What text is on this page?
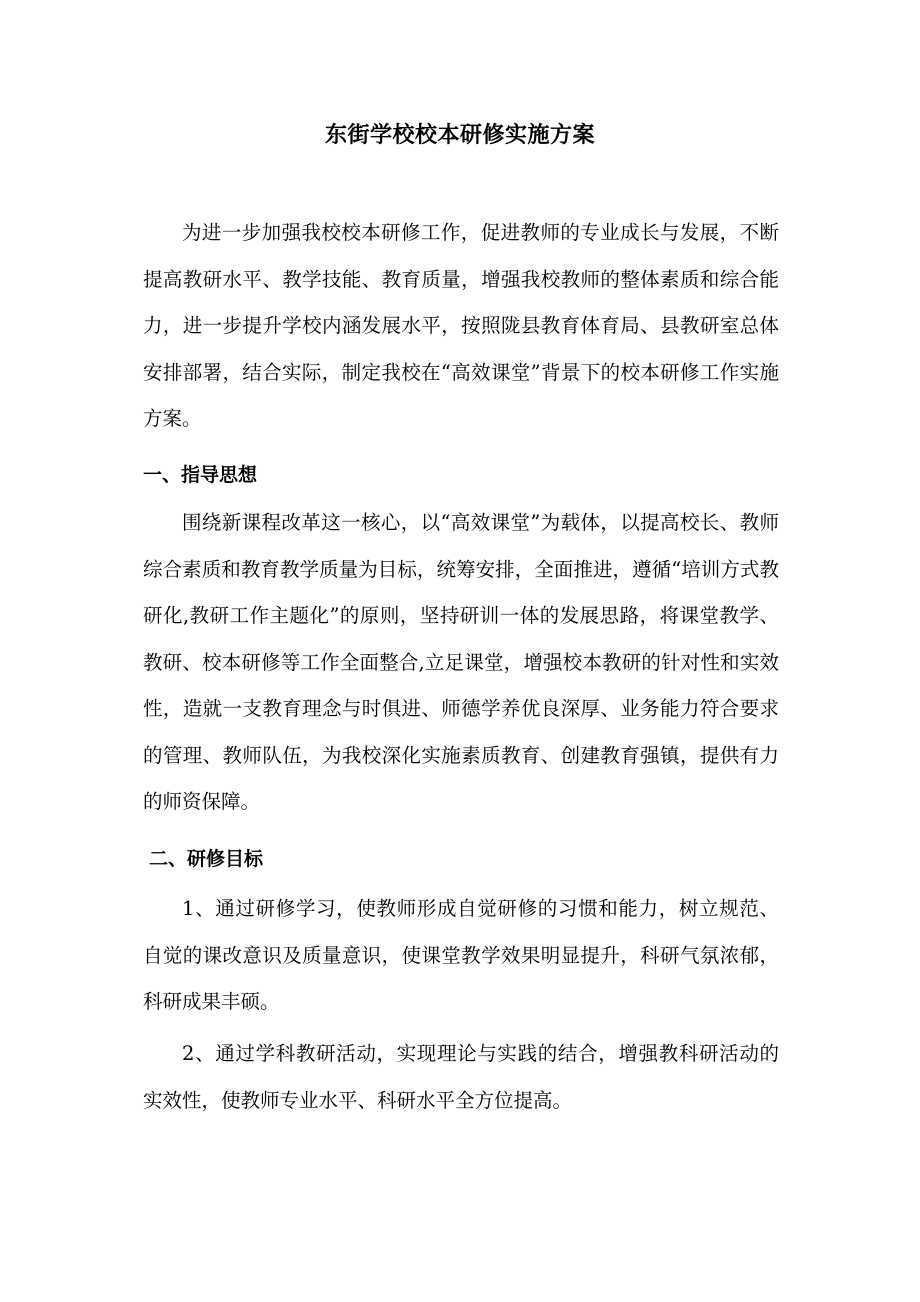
东街学校校本研修实施方案

为进一步加强我校校本研修工作，促进教师的专业成长与发展，不断提高教研水平、教学技能、教育质量，增强我校教师的整体素质和综合能力，进一步提升学校内涵发展水平，按照陇县教育体育局、县教研室总体安排部署，结合实际，制定我校在“高效课堂”背景下的校本研修工作实施方案。

一、指导思想

围绕新课程改革这一核心，以“高效课堂”为载体，以提高校长、教师综合素质和教育教学质量为目标，统筹安排，全面推进，遵循“培训方式教研化,教研工作主题化”的原则，坚持研训一体的发展思路，将课堂教学、教研、校本研修等工作全面整合,立足课堂，增强校本教研的针对性和实效性，造就一支教育理念与时俱进、师德学养优良深厚、业务能力符合要求的管理、教师队伍，为我校深化实施素质教育、创建教育强镇，提供有力的师资保障。

二、研修目标

1、通过研修学习，使教师形成自觉研修的习惯和能力，树立规范、自觉的课改意识及质量意识，使课堂教学效果明显提升，科研气氛浓郁，科研成果丰硕。

2、通过学科教研活动，实现理论与实践的结合，增强教科研活动的实效性，使教师专业水平、科研水平全方位提高。
